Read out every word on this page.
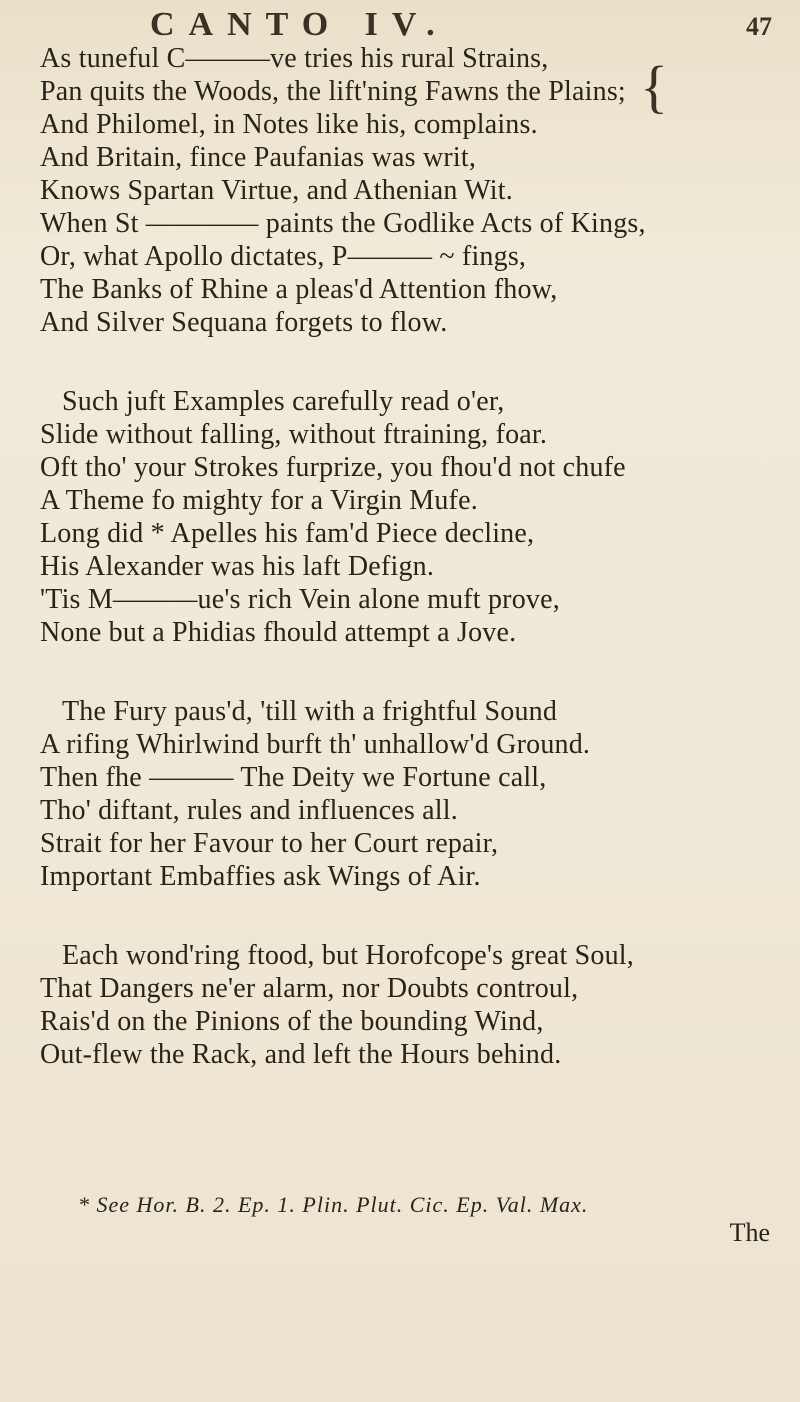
CANTO IV.	47
{
As tuneful C———ve tries his rural Strains,
Pan quits the Woods, the lift'ning Fawns the Plains;
And Philomel, in Notes like his, complains.
And Britain, fince Paufanias was writ,
Knows Spartan Virtue, and Athenian Wit.
When St ———— paints the Godlike Acts of Kings,
Or, what Apollo dictates, P——— ~ fings,
The Banks of Rhine a pleas'd Attention fhow,
And Silver Sequana forgets to flow.
Such juft Examples carefully read o'er,
Slide without falling, without ftraining, foar.
Oft tho' your Strokes furprize, you fhou'd not chufe
A Theme fo mighty for a Virgin Mufe.
Long did * Apelles his fam'd Piece decline,
His Alexander was his laft Defign.
'Tis M———ue's rich Vein alone muft prove,
None but a Phidias fhould attempt a Jove.
The Fury paus'd, 'till with a frightful Sound
A rifing Whirlwind burft th' unhallow'd Ground.
Then fhe ——— The Deity we Fortune call,
Tho' diftant, rules and influences all.
Strait for her Favour to her Court repair,
Important Embaffies ask Wings of Air.
Each wond'ring ftood, but Horofcope's great Soul,
That Dangers ne'er alarm, nor Doubts controul,
Rais'd on the Pinions of the bounding Wind,
Out-flew the Rack, and left the Hours behind.
* See Hor. B. 2. Ep. 1. Plin. Plut. Cic. Ep. Val. Max.
The
